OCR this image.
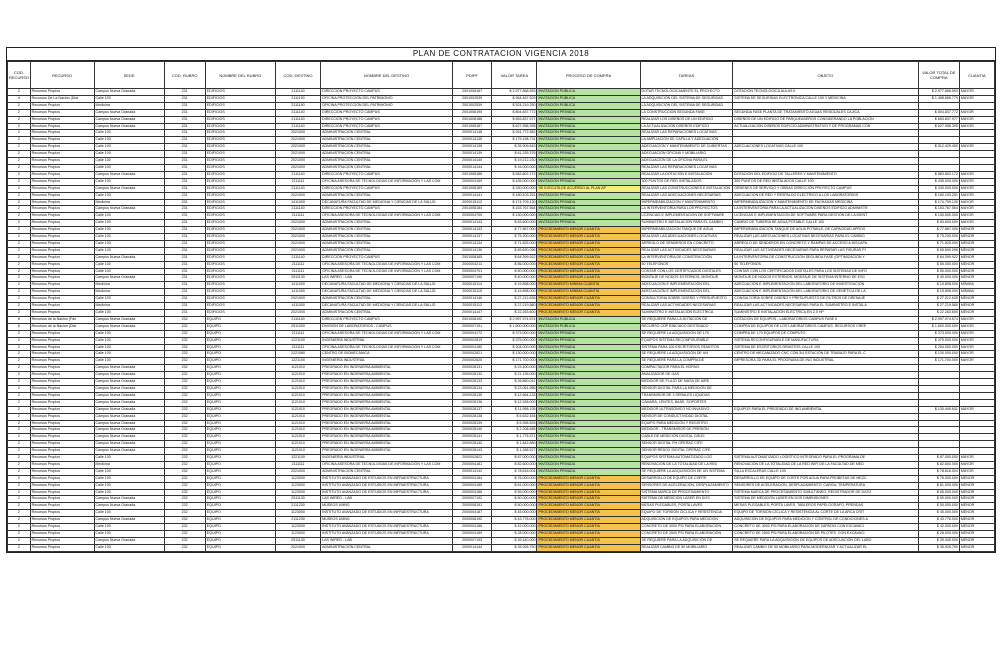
PLAN DE CONTRATACION VIGENCIA 2018
COD. RECURSO	RECURSO	SEDE	COD. RUBRO	NOMBRE DEL RUBRO	COD. DESTINO	NOMBRE DEL DESTINO	PDIPF	VALOR TAREA	PROCESO DE COMPRA	TAREAS	OBJETO	VALOR TOTAL DE COMPRA	CUANTIA
2	Recursos Propios	Campus Nueva Granada	231	EDIFICIOS	2111140	DIRECCIÓN PROYECTO CAMPUS	2001008187	$ 2.977.868.553	INVITACIÓN PÚBLICA	DOTAR TECNOLÓGICAMENTE EL PROYECTO	DOTACIÓN TECNOLÓGICA AULAS II	$ 2.977.868.553	MAYOR
4	Recursos De La Nación (Dist	Calle 100	231	EDIFICIOS	2111190	OFICINA PROTECCIÓN DEL PATRIMONIO	2001002539	$ 964.467.529	INVITACIÓN PÚBLICA	LA ADQUISICIÓN DEL SISTEMA DE SEGURIDAD	SISTEMA DE SEGURIDAD ELECTRÓNICA CALLE 100 Y MEDICINA	$ 1.488.686.779	MAYOR
2	Recursos Propios	Medicina	231	EDIFICIOS	2111190	OFICINA PROTECCIÓN DEL PATRIMONIO	2001002539	$ 524.219.250	INVITACIÓN PÚBLICA	LA ADQUISICIÓN DEL SISTEMA DE SEGURIDAD			
2	Recursos Propios	Campus Nueva Granada	231	EDIFICIOS	2111140	DIRECCIÓN PROYECTO CAMPUS	2001008190	$ 804.837.772	INVITACIÓN PRIVADA	LA CONSTRUCCIÓN SEGUNDA FASE	SEGUNDA FASE PLANTA DE TRATAMIENTO AGUAS RESIDUALES CAJICA	$ 804.837.772	MAYOR
2	Recursos Propios	Campus Nueva Granada	231	EDIFICIOS	2111140	DIRECCIÓN PROYECTO CAMPUS	2001008188	$ 653.837.977	INVITACIÓN PRIVADA	REALIZAR LOS DISEÑOS DE UN EDIFICIO	DISEÑOS DE UN EDIFICIO DE PARQUEADEROS CONSIDERANDO LA POBLACIÓN	$ 653.837.977	MAYOR
2	Recursos Propios	Campus Nueva Granada	231	EDIFICIOS	2111140	DIRECCIÓN PROYECTO CAMPUS	2001008187	$ 627.958.395	INVITACIÓN PRIVADA	LA ACTUALIZACIÓN DISEÑOS EDIFICIO	ACTUALIZACIÓN DISEÑOS EDIFICIO ADMINISTRATIVO Y DE PROGRAMAS CON	$ 627.958.395	MAYOR
2	Recursos Propios	Calle 100	231	EDIFICIOS	2021000	ADMINISTRACIÓN CENTRAL	2000014148	$ 261.772.582	INVITACIÓN PRIVADA	REALIZAR LAS REPARACIONES LOCATIVAS			
2	Recursos Propios	Calle 100	231	EDIFICIOS	2021000	ADMINISTRACIÓN CENTRAL	2000014135	$ 179.198.731	INVITACIÓN PRIVADA	LA AMPLIACIÓN DE CAPILLA Y ADECUACIÓN			
2	Recursos Propios	Calle 100	231	EDIFICIOS	2021000	ADMINISTRACIÓN CENTRAL	2000014138	$ 35.909.643	INVITACIÓN PRIVADA	ADECUACIÓN Y MANTENIMIENTO DE CUBIERTAS	ADECUACIONES LOCATIVAS CALLE 100	$ 512.429.450	MAYOR
2	Recursos Propios	Calle 100	231	EDIFICIOS	2021000	ADMINISTRACIÓN CENTRAL	2000014139	$ 61.335.376	INVITACIÓN PRIVADA	ADECUACIÓN OFICINA Y MOBILIARIO			
2	Recursos Propios	Calle 100	231	EDIFICIOS	2021000	ADMINISTRACIÓN CENTRAL	2000014140	$ 19.212.230	INVITACIÓN PRIVADA	ADECUACIÓN DE LA OFICINA PARA EL			
2	Recursos Propios	Calle 100	231	EDIFICIOS	2021000	ADMINISTRACIÓN CENTRAL	2000014144	$ 16.000.000	INVITACIÓN PRIVADA	REALIZAR LAS REPARACIONES LOCATIVAS			
2	Recursos Propios	Campus Nueva Granada	231	EDIFICIOS	2111140	DIRECCIÓN PROYECTO CAMPUS	2001008186	$ 583.802.172	INVITACIÓN PRIVADA	REALIZAR LA DOTACIÓN E INSTALACIÓN	DOTACIÓN DEL EDIFICIO DE TALLERES Y MANTENIMIENTO	$ 583.802.172	MAYOR
2	Recursos Propios	Calle 100	231	EDIFICIOS	2111111	OFICINA ASESORA DE TECNOLOGÍAS DE INFORMACIÓN Y LAS COM	2000004169	$ 435.000.000	INVITACIÓN PRIVADA	300 PUNTOS DE RED INSTALADOS	300 PUNTOS DE RED INSTALADOS CALLE 100	$ 435.000.000	MAYOR
2	Recursos Propios	Campus Nueva Granada	231	EDIFICIOS	2111140	DIRECCIÓN PROYECTO CAMPUS	2001008189	$ 330.000.000	SE EJECUTA DE ACUERDO AL PLAN AP	REALIZAR LAS CONSTRUCCIONES E INSTALACIÓN	ÓRDENES DE SERVICIO Y OBRAS DIRECCIÓN PROYECTO CAMPUS	$ 330.000.000	MAYOR
2	Recursos Propios	Calle 100	231	EDIFICIOS	2021000	ADMINISTRACIÓN CENTRAL	2000014141	$ 180.103.251	INVITACIÓN PRIVADA	REALIZAR LAS ADECUACIONES NECESARIAS	ADECUACIÓN DE RED Y RESPALDO ELÉCTRICO A LOS LABORATORIOS	$ 180.103.251	MAYOR
2	Recursos Propios	Medicina	231	EDIFICIOS	1411000	DECANATURA FACULTAD DE MEDICINA Y CIENCIAS DE LA SALUD	2000015113	$ 174.709.130	INVITACIÓN PRIVADA	IMPERMEABILIZACIÓN Y MANTENIMIENTO	IMPERMEABILIZACIÓN Y MANTENIMIENTO DE FACHADAS MEDICINA	$ 174.709.130	MAYOR
2	Recursos Propios	Campus Nueva Granada	231	EDIFICIOS	2111140	DIRECCIÓN PROYECTO CAMPUS	2001008184	$ 153.767.564	INVITACIÓN PRIVADA	LA INTERVENTORÍA PARA LOS PROYECTOS	LA INTERVENTORÍA PARA LA ACTUALIZACIÓN DISEÑOS EDIFICIO ADMINISTR	$ 153.767.564	MAYOR
2	Recursos Propios	Calle 100	231	EDIFICIOS	2111111	OFICINA ASESORA DE TECNOLOGÍAS DE INFORMACIÓN Y LAS COM	2000004700	$ 130.000.000	INVITACIÓN PRIVADA	LICENCIAS E IMPLEMENTACIÓN DE SOFTWARE	LICENCIAS E IMPLEMENTACIÓN DE SOFTWARE PARA GESTIÓN DE LA IDENT	$ 130.000.000	MAYOR
2	Recursos Propios	Calle 100	231	EDIFICIOS	2021000	ADMINISTRACIÓN CENTRAL	2000014143	$ 83.600.000	INVITACIÓN PRIVADA	SUMINISTRO E INSTALACIÓN PARA EL CAMBIO	CAMBIO DE TUBERÍA DE AGUA POTABLE CALLE 100	$ 83.600.000	MAYOR
2	Recursos Propios	Calle 100	231	EDIFICIOS	2021000	ADMINISTRACIÓN CENTRAL	2000014133	$ 77.867.000	PROCEDIMIENTO MENOR CUANTÍA	IMPERMEABILIZACIÓN TANQUE DE AGUA	IMPERMEABILIZACIÓN TANQUE DE AGUA POTABLE, DE CAPACIDAD APROX	$ 77.867.000	MENOR
2	Recursos Propios	Calle 100	231	EDIFICIOS	2021000	ADMINISTRACIÓN CENTRAL	2000014137	$ 75.200.000	PROCEDIMIENTO MENOR CUANTÍA	REALIZAR LAS ADECUACIONES LOCATIVAS	REALIZAR LAS ADECUACIONES LOCATIVAS NECESARIAS PARA EL CAMBIO	$ 75.200.000	MENOR
2	Recursos Propios	Calle 100	231	EDIFICIOS	2021000	ADMINISTRACIÓN CENTRAL	2000014134	$ 71.825.000	PROCEDIMIENTO MENOR CUANTÍA	ARREGLO DE SENDEROS EN CONCRETO	ARREGLO DE SENDEROS EN CONCRETO Y RAMPAS DE ACCESO A DISCAPA	$ 71.825.000	MENOR
2	Recursos Propios	Calle 100	231	EDIFICIOS	2021000	ADMINISTRACIÓN CENTRAL	2000014136	$ 65.690.096	PROCEDIMIENTO MENOR CUANTÍA	REALIZAR LAS ACTIVIDADES NECESARIAS	REALIZAR LAS ACTIVIDADES NECESARIAS PARA REPARAR LAS FISURAS PI	$ 65.690.096	MENOR
2	Recursos Propios	Campus Nueva Granada	231	EDIFICIOS	2111140	DIRECCIÓN PROYECTO CAMPUS	2001008185	$ 64.399.922	PROCEDIMIENTO MENOR CUANTÍA	LA INTERVENTORÍA DE CONSTRUCCIÓN	LA INTERVENTORÍA DE CONSTRUCCIÓN SEGUNDA FASE (OPTIMIZACIÓN Y	$ 64.399.922	MENOR
2	Recursos Propios	Calle 100	231	EDIFICIOS	2111111	OFICINA ASESORA DE TECNOLOGÍAS DE INFORMACIÓN Y LAS COM	2000004211	$ 56.000.000	PROCEDIMIENTO MENOR CUANTÍA	50 TELÉFONOS	50 TELÉFONOS	$ 56.000.000	MENOR
2	Recursos Propios	Calle 100	231	EDIFICIOS	2111111	OFICINA ASESORA DE TECNOLOGÍAS DE INFORMACIÓN Y LAS COM	2000004701	$ 50.000.000	PROCEDIMIENTO MENOR CUANTÍA	CONTAR CON LOS CERTIFICADOS DIGITALES	CONTAR CON LOS CERTIFICADOS DIGITALES PARA LOS SISTEMAS DE INFO	$ 50.000.000	MENOR
2	Recursos Propios	Campus Nueva Granada	231	EDIFICIOS	2511130	LAS WIRED - LAB	2000007190	$ 40.000.000	PROCEDIMIENTO MENOR CUANTÍA	MONTAJE DE NODOS EXTERNOS, MONTAJE	MONTAJE DE NODOS EXTERNOS, MONTAJE DE SISTEMA INTERNO DE ESC	$ 40.000.000	MENOR
2	Recursos Propios	Medicina	231	EDIFICIOS	1411000	DECANATURA FACULTAD DE MEDICINA Y CIENCIAS DE LA SALUD	2000015114	$ 19.898.000	PROCEDIMIENTO MÍNIMA CUANTÍA	ADECUACIÓN E IMPLEMENTACIÓN DEL	ADECUACIÓN E IMPLEMENTACIÓN DEL LABORATORIO DE INVESTIGACIÓN	$ 19.898.000	MÍNIMA
2	Recursos Propios	Medicina	231	EDIFICIOS	1411000	DECANATURA FACULTAD DE MEDICINA Y CIENCIAS DE LA SALUD	2000015115	$ 19.898.000	PROCEDIMIENTO MÍNIMA CUANTÍA	ADECUACIÓN E IMPLEMENTACIÓN DEL	ADECUACIÓN E IMPLEMENTACIÓN DEL LABORATORIO DE GENÉTICA DE LA	$ 19.898.000	MÍNIMA
2	Recursos Propios	Calle 100	231	EDIFICIOS	2021000	ADMINISTRACIÓN CENTRAL	2000014146	$ 27.212.635	PROCEDIMIENTO MENOR CUANTÍA	CONSULTORÍA SOBRE DISEÑO Y PRESUPUESTO	CONSULTORÍA SOBRE DISEÑO Y PRESUPUESTO DE FILTROS DE DRENAJE	$ 27.212.635	MENOR
2	Recursos Propios	Medicina	231	EDIFICIOS	1411000	DECANATURA FACULTAD DE MEDICINA Y CIENCIAS DE LA SALUD	2000015112	$ 27.219.580	PROCEDIMIENTO MENOR CUANTÍA	REALIZAR LAS ACTIVIDADES NECESARIAS	REALIZAR LAS ACTIVIDADES NECESARIAS PARA EL SUMINISTRO E INSTALA	$ 27.219.580	MENOR
2	Recursos Propios	Calle 100	231	EDIFICIOS	2021000	ADMINISTRACIÓN CENTRAL	2000014147	$ 22.263.600	PROCEDIMIENTO MENOR CUANTÍA	SUMINISTRO E INSTALACIÓN ELÉCTRICA	SUMINISTRO E INSTALACIÓN ELÉCTRICA EN 2.5 HP	$ 22.263.600	MENOR
6	Recursos de la Nación (Fdn	Campus Nueva Granada	232	EQUIPO	2111140	DIRECCIÓN PROYECTO CAMPUS	2001008192	$ 2.997.974.574	INVITACIÓN PÚBLICA	SE REQUIERE PARA LA DOTACIÓN DE	DOTACIÓN DE EQUIPOS - LABORATORIOS CAMPUS FASE II	$ 2.997.974.574	MAYOR
6	Recursos de la Nación (Dist	Campus Nueva Granada	232	EQUIPO	2511000	DIVISIÓN DE LABORATORIOS - CAMPUS	2000007191	$ 1.600.000.000	INVITACIÓN PÚBLICA	RECURSO CDP RINCIADO DESTINADO	COMPRA DE EQUIPOS DE LOS LABORATORIOS CAMPUS. RECURSOS CREE	$ 1.600.000.000	MAYOR
2	Recursos Propios	Calle 100	232	EQUIPO	2111111	OFICINA ASESORA DE TECNOLOGÍAS DE INFORMACIÓN Y LAS COM	2000004172	$ 373.000.000	INVITACIÓN PRIVADA	SE REQUIERE LA ADQUISICIÓN DE 170	COMPRA DE 170 EQUIPOS DE CÓMPUTO	$ 373.000.000	MAYOR
2	Recursos Propios	Calle 100	232	EQUIPO	1221100	INGENIERÍA INDUSTRIAL	2000002819	$ 375.000.000	INVITACIÓN PRIVADA	EQUIPOS SISTEMA RECONFIGURABLE	SISTEMA RECONFIGURABLE DE MANUFACTURA	$ 375.000.000	MAYOR
2	Recursos Propios	Calle 100	232	EQUIPO	2111111	OFICINA ASESORA DE TECNOLOGÍAS DE INFORMACIÓN Y LAS COM	2000004180	$ 204.000.000	INVITACIÓN PRIVADA	SISTEMA PARA 100 ESCRITORIOS REMOTOS	SISTEMA DE ESCRITORIOS REMOTOS CALLE 100	$ 204.000.000	MAYOR
2	Recursos Propios	Calle 100	232	EQUIPO	1221080	CENTRO DE BIOMECÁNICA	2000002821	$ 130.000.000	INVITACIÓN PRIVADA	SE REQUIERE LA ADQUISICIÓN DE UN	CENTRO DE MECANIZADO CNC CON 3/4 ESTACIÓN DE TRABAJO PARA EL C	$ 130.000.000	MAYOR
2	Recursos Propios	Calle 100	232	EQUIPO	1221100	INGENIERÍA INDUSTRIAL	2000002820	$ 171.700.000	INVITACIÓN PRIVADA	SE REQUIERE PARA LA COMPRA DE	IMPRESORA 3D PARA EL PROGRAMA DE ING INDUSTRIAL	$ 171.700.000	MAYOR
2	Recursos Propios	Campus Nueva Granada	232	EQUIPO	1121010	PREGRADO EN INGENIERÍA AMBIENTAL	2000028131	$ 23.100.000	INVITACIÓN PRIVADA	COMPACTADOR PARA EL HORNO			
2	Recursos Propios	Campus Nueva Granada	232	EQUIPO	1121010	PREGRADO EN INGENIERÍA AMBIENTAL	2000028132	$ 21.135.000	INVITACIÓN PRIVADA	ANALIZADOR DE GAS			
2	Recursos Propios	Campus Nueva Granada	232	EQUIPO	1121010	PREGRADO EN INGENIERÍA AMBIENTAL	2000028133	$ 26.860.041	INVITACIÓN PRIVADA	MEDIDOR DE FLUJO DE MASA DE AIRE			
2	Recursos Propios	Campus Nueva Granada	232	EQUIPO	1121010	PREGRADO EN INGENIERÍA AMBIENTAL	2000028134	$ 23.061.986	INVITACIÓN PRIVADA	SENSOR DIGITAL PARA LA MEDICIÓN DE			
2	Recursos Propios	Campus Nueva Granada	232	EQUIPO	1121010	PREGRADO EN INGENIERÍA AMBIENTAL	2000028135	$ 12.664.133	INVITACIÓN PRIVADA	TRANSMISOR DE 3 SEÑALES LIQUIDAS			
2	Recursos Propios	Campus Nueva Granada	232	EQUIPO	1121010	PREGRADO EN INGENIERÍA AMBIENTAL	2000028136	$ 12.938.000	INVITACIÓN PRIVADA	CÁMARA, LENTES, BASE, SOPORTES			
2	Recursos Propios	Campus Nueva Granada	232	EQUIPO	1121010	PREGRADO EN INGENIERÍA AMBIENTAL	2000028137	$ 11.958.195	INVITACIÓN PRIVADA	MEDIDOR ULTRASÓNICO NO INVASIVO	EQUIPOS PARA EL PREGRADO DE ING AMBIENTAL	$ 130.449.631	MAYOR
2	Recursos Propios	Campus Nueva Granada	232	EQUIPO	1121010	PREGRADO EN INGENIERÍA AMBIENTAL	2000028138	$ 5.632.454	INVITACIÓN PRIVADA	SENSOR DE CONDUCTIVIDAD DIGITAL			
2	Recursos Propios	Campus Nueva Granada	232	EQUIPO	1121010	PREGRADO EN INGENIERÍA AMBIENTAL	2000028139	$ 5.958.525	INVITACIÓN PRIVADA	EQUIPO PARA MEDICIÓN Y REGISTRO			
2	Recursos Propios	Campus Nueva Granada	232	EQUIPO	1121010	PREGRADO EN INGENIERÍA AMBIENTAL	2000028140	$ 2.208.585	INVITACIÓN PRIVADA	MEDIDOR - TRANSMISOR DE PRESIÓN			
2	Recursos Propios	Campus Nueva Granada	232	EQUIPO	1121010	PREGRADO EN INGENIERÍA AMBIENTAL	2000028141	$ 1.776.371	INVITACIÓN PRIVADA	CABLE DE MEDICIÓN DIGITAL C/8/10			
2	Recursos Propios	Campus Nueva Granada	232	EQUIPO	1121010	PREGRADO EN INGENIERÍA AMBIENTAL	2000028142	$ 1.842.880	INVITACIÓN PRIVADA	SENSOR DIGITAL PH OPERAC C/FE			
2	Recursos Propios	Campus Nueva Granada	232	EQUIPO	1121010	PREGRADO EN INGENIERÍA AMBIENTAL	2000028143	$ 1.288.527	INVITACIÓN PRIVADA	SENSOR REDOX DIGITAL OPERAC C/FE			
2	Recursos Propios	Calle 100	232	EQUIPO	1221100	INGENIERÍA INDUSTRIAL	2000002822	$ 87.000.000	INVITACIÓN PRIVADA	EQUIPOS SISTEMA AUTOMATIZADO LOG	SISTEMA AUTOMATIZADO LOGÍSTICO INTEGRADO PARA EL PROGRAMA DE	$ 87.000.000	MAYOR
2	Recursos Propios	Medicina	232	EQUIPO	2111111	OFICINA ASESORA DE TECNOLOGÍAS DE INFORMACIÓN Y LAS COM	2000004181	$ 82.600.000	INVITACIÓN PRIVADA	RENOVACIÓN DE LA TOTALIDAD DE LA RED	RENOVACIÓN DE LA TOTALIDAD DE LA RED WIFI DE LA FACULTAD DE MED	$ 82.600.000	MAYOR
2	Recursos Propios	Calle 100	232	EQUIPO	2021000	ADMINISTRACIÓN CENTRAL	2000014142	$ 78.616.004	INVITACIÓN PRIVADA	SE REQUIERE LA ADQUISICIÓN DE UN SISTEMA	SILLA ESCALERAS CALLE 100	$ 78.616.004	MAYOR
2	Recursos Propios	Calle 100	232	EQUIPO	1123000	INSTITUTO AVANZADO DE ESTUDIOS EN INFRAESTRUCTURA	2000004184	$ 76.000.000	PROCEDIMIENTO MENOR CUANTÍA	DESARROLLO DE EQUIPO DE CORTE	DESARROLLO DE EQUIPO DE CORTE POR AGUA PARA PROBETAS DE MEZC	$ 76.000.000	MENOR
2	Recursos Propios	Calle 100	232	EQUIPO	1123000	INSTITUTO AVANZADO DE ESTUDIOS EN INFRAESTRUCTURA	2000004185	$ 61.000.000	PROCEDIMIENTO MENOR CUANTÍA	SENSORES DE ACELERACIÓN, DESPLAZAMIENTO	SENSORES DE ACELERACIÓN, DESPLAZAMIENTO, CARGA, TEMPERATURA	$ 61.000.000	MENOR
2	Recursos Propios	Calle 100	232	EQUIPO	1123000	INSTITUTO AVANZADO DE ESTUDIOS EN INFRAESTRUCTURA	2000004186	$ 55.000.000	PROCEDIMIENTO MENOR CUANTÍA	SISTEMA MARCA DE PROCESAMIENTO	SISTEMA MARCA DE PROCESAMIENTO SIMULTÁNEO, REGISTRADOR DE DATO	$ 55.000.000	MENOR
2	Recursos Propios	Campus Nueva Granada	232	EQUIPO	2511130	LAS WIRED - LAB	2000007192	$ 50.000.000	PROCEDIMIENTO MENOR CUANTÍA	SISTEMA DE MEDICIÓN LÁSER EN DOS	SISTEMA DE MEDICIÓN LÁSER EN DOS DIMENSIONES	$ 50.000.000	MENOR
2	Recursos Propios	Campus Nueva Granada	232	EQUIPO	2111230	MUSEOS UMNG	2000008191	$ 50.000.000	PROCEDIMIENTO MENOR CUANTÍA	MESAS PLEGABLES, PORTA LAVES	MESAS PLEGABLES, PORTA LAVES, TABLEROS PAPELÓGRAFO, PRENDAS	$ 50.000.000	MENOR
2	Recursos Propios	Calle 100	232	EQUIPO	1123000	INSTITUTO AVANZADO DE ESTUDIOS EN INFRAESTRUCTURA	2000004187	$ 45.000.000	PROCEDIMIENTO MENOR CUANTÍA	EQUIPO DE TORSIÓN CÍCLICA Y RESISTENCIA	EQUIPO DE TORSIÓN CÍCLICA Y RESISTENCIA AL CORTE DE LA ARCA CRÍT	$ 45.000.000	MENOR
2	Recursos Propios	Campus Nueva Granada	232	EQUIPO	2111230	MUSEOS UMNG	2000008192	$ 43.778.000	PROCEDIMIENTO MENOR CUANTÍA	ADQUISICIÓN DE EQUIPOS PARA MEDICIÓN	ADQUISICIÓN DE EQUIPOS PARA MEDICIÓN Y CONTROL DE CONDICIONES A	$ 43.778.000	MENOR
2	Recursos Propios	Calle 100	232	EQUIPO	1123000	INSTITUTO AVANZADO DE ESTUDIOS EN INFRAESTRUCTURA	2000004188	$ 42.000.000	PROCEDIMIENTO MENOR CUANTÍA	CONCRETO DE 3000 PSI PARA ELABORACIÓN	CONCRETO DE 3000 PSI PARA ELABORACIÓN DE ZAPATAS CON EXCAVACI	$ 42.000.000	MENOR
2	Recursos Propios	Calle 100	232	EQUIPO	1123000	INSTITUTO AVANZADO DE ESTUDIOS EN INFRAESTRUCTURA	2000004189	$ 28.000.000	PROCEDIMIENTO MENOR CUANTÍA	CONCRETO DE 2500 PSI PARA ELABORACIÓN	CONCRETO DE 2500 PSI PARA ELABORACIÓN DE PILOTES. CON EXCAVACI	$ 28.000.000	MENOR
2	Recursos Propios	Campus Nueva Granada	232	EQUIPO	2511130	LAS WIRED - LAB	2000007193	$ 39.440.000	PROCEDIMIENTO MENOR CUANTÍA	SE REQUIERE PARA LA ADQUISICIÓN DE	SE REQUIERE PARA LA ADQUISICIÓN DE EQUIPOS DE ADECUACIÓN DEL LABO	$ 39.440.000	MENOR
2	Recursos Propios	Calle 100	232	EQUIPO	2021000	ADMINISTRACIÓN CENTRAL	2000014144	$ 35.926.750	PROCEDIMIENTO MENOR CUANTÍA	REALIZAR CAMBIO DE 50 MOBILIARIO	REALIZAR CAMBIO DE 50 MOBILIARIO PARA MODERNIZAR Y ACTUALIZAR EL	$ 35.926.750	MENOR
